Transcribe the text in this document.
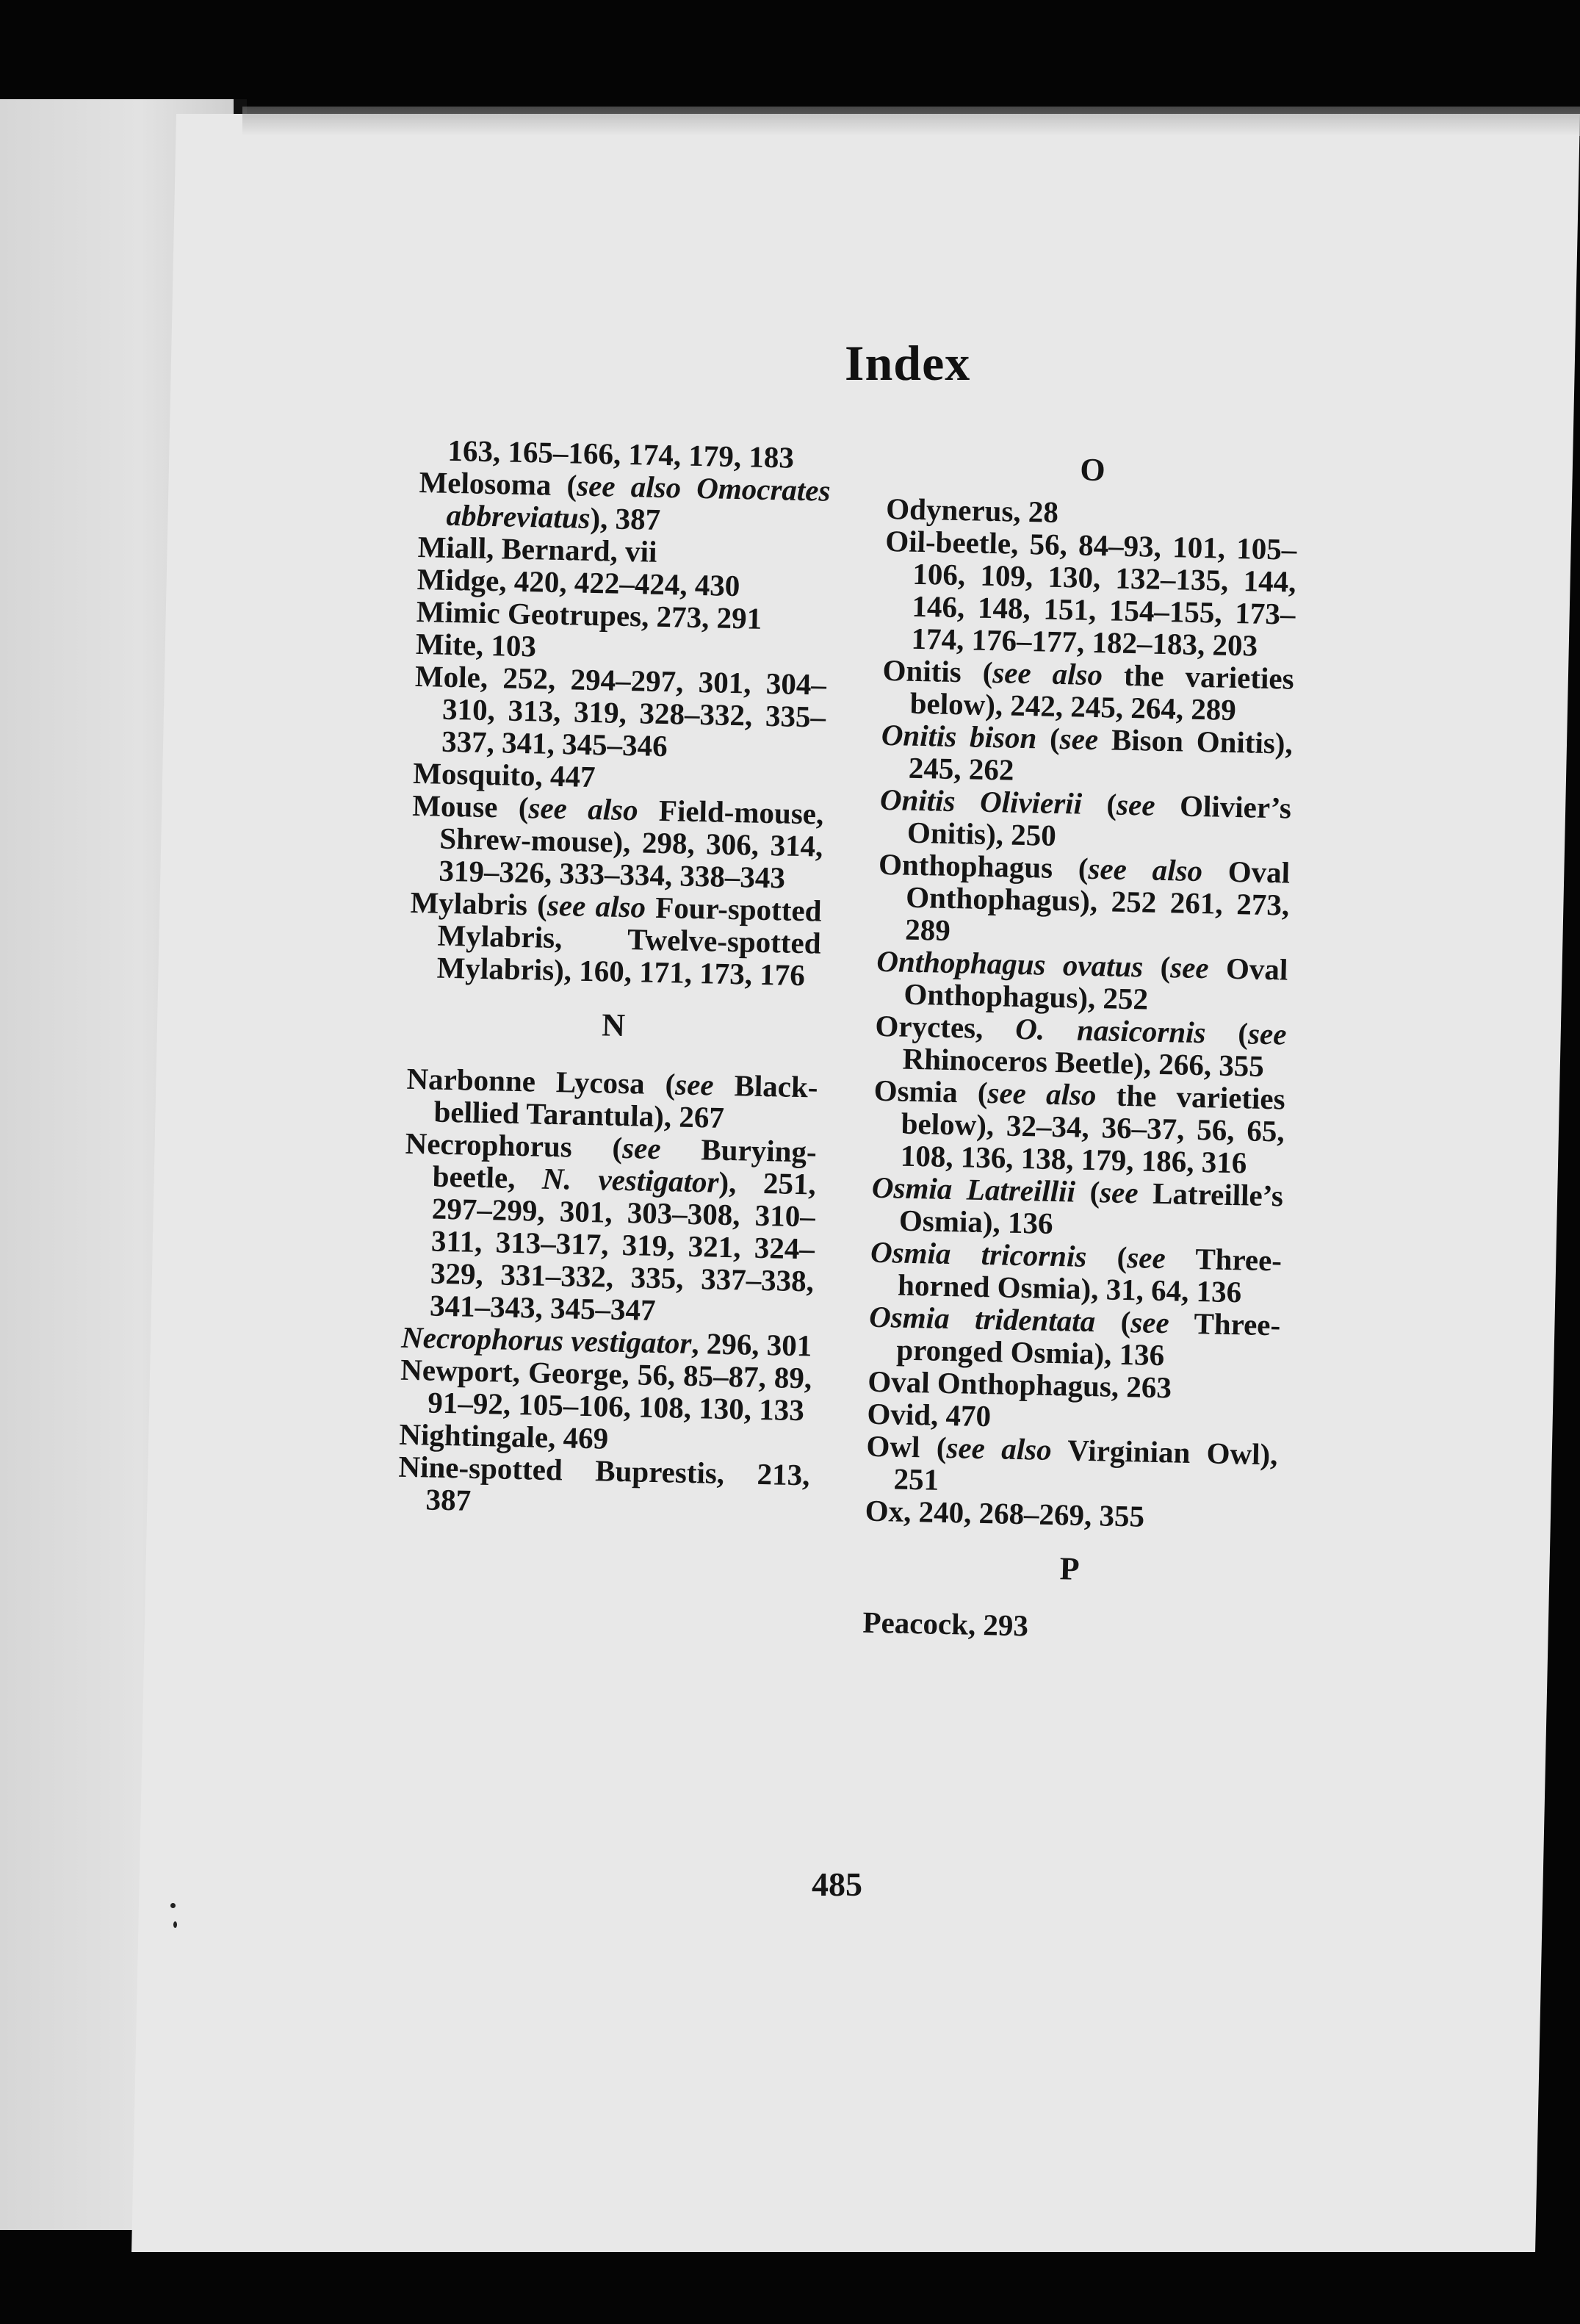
Index
163, 165–166, 174, 179, 183
Melosoma (see also Omocrates abbreviatus), 387
Miall, Bernard, vii
Midge, 420, 422–424, 430
Mimic Geotrupes, 273, 291
Mite, 103
Mole, 252, 294–297, 301, 304–310, 313, 319, 328–332, 335–337, 341, 345–346
Mosquito, 447
Mouse (see also Field-mouse, Shrew-mouse), 298, 306, 314, 319–326, 333–334, 338–343
Mylabris (see also Four-spotted Mylabris, Twelve-spotted Mylabris), 160, 171, 173, 176
N
Narbonne Lycosa (see Black-bellied Tarantula), 267
Necrophorus (see Burying-beetle, N. vestigator), 251, 297–299, 301, 303–308, 310–311, 313–317, 319, 321, 324–329, 331–332, 335, 337–338, 341–343, 345–347
Necrophorus vestigator, 296, 301
Newport, George, 56, 85–87, 89, 91–92, 105–106, 108, 130, 133
Nightingale, 469
Nine-spotted Buprestis, 213, 387
O
Odynerus, 28
Oil-beetle, 56, 84–93, 101, 105–106, 109, 130, 132–135, 144, 146, 148, 151, 154–155, 173–174, 176–177, 182–183, 203
Onitis (see also the varieties below), 242, 245, 264, 289
Onitis bison (see Bison Onitis), 245, 262
Onitis Olivierii (see Olivier’s Onitis), 250
Onthophagus (see also Oval Onthophagus), 252 261, 273, 289
Onthophagus ovatus (see Oval Onthophagus), 252
Oryctes, O. nasicornis (see Rhinoceros Beetle), 266, 355
Osmia (see also the varieties below), 32–34, 36–37, 56, 65, 108, 136, 138, 179, 186, 316
Osmia Latreillii (see Latreille’s Osmia), 136
Osmia tricornis (see Three-horned Osmia), 31, 64, 136
Osmia tridentata (see Three-pronged Osmia), 136
Oval Onthophagus, 263
Ovid, 470
Owl (see also Virginian Owl), 251
Ox, 240, 268–269, 355
P
Peacock, 293
485
